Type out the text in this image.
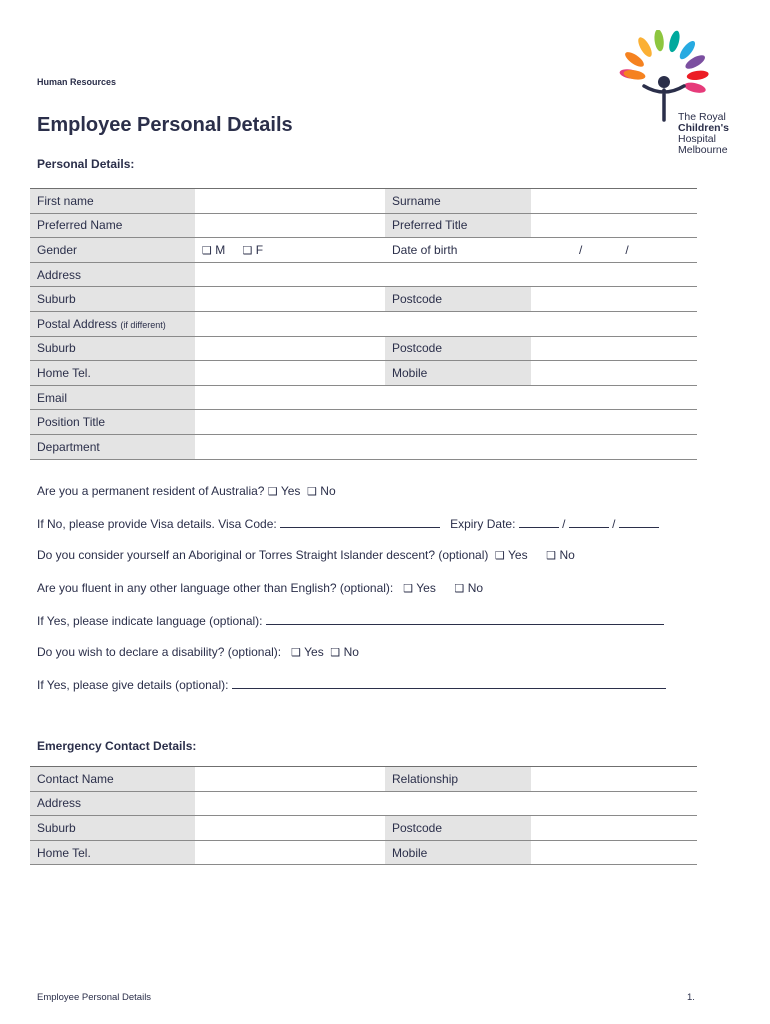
Human Resources
Employee Personal Details	The Royal
Children's
Hospital
Melbourne
Personal Details:
First name		Surname	
Preferred Name		Preferred Title	
Gender	❑ M ❑ F	Date of birth	/ /
Address			
Suburb		Postcode	
Postal Address (if different)			
Suburb		Postcode	
Home Tel.		Mobile	
Email			
Position Title			
Department			
Are you a permanent resident of Australia? ❑ Yes ❑ No
If No, please provide Visa details. Visa Code:	Expiry Date:	/	/
Do you consider yourself an Aboriginal or Torres Straight Islander descent? (optional) ❑ Yes ❑ No
Are you fluent in any other language other than English? (optional): ❑ Yes ❑ No
If Yes, please indicate language (optional):
Do you wish to declare a disability? (optional): ❑ Yes ❑ No
If Yes, please give details (optional):
Emergency Contact Details:
Contact Name		Relationship	
Address			
Suburb		Postcode	
Home Tel.		Mobile	
Employee Personal Details	1.
